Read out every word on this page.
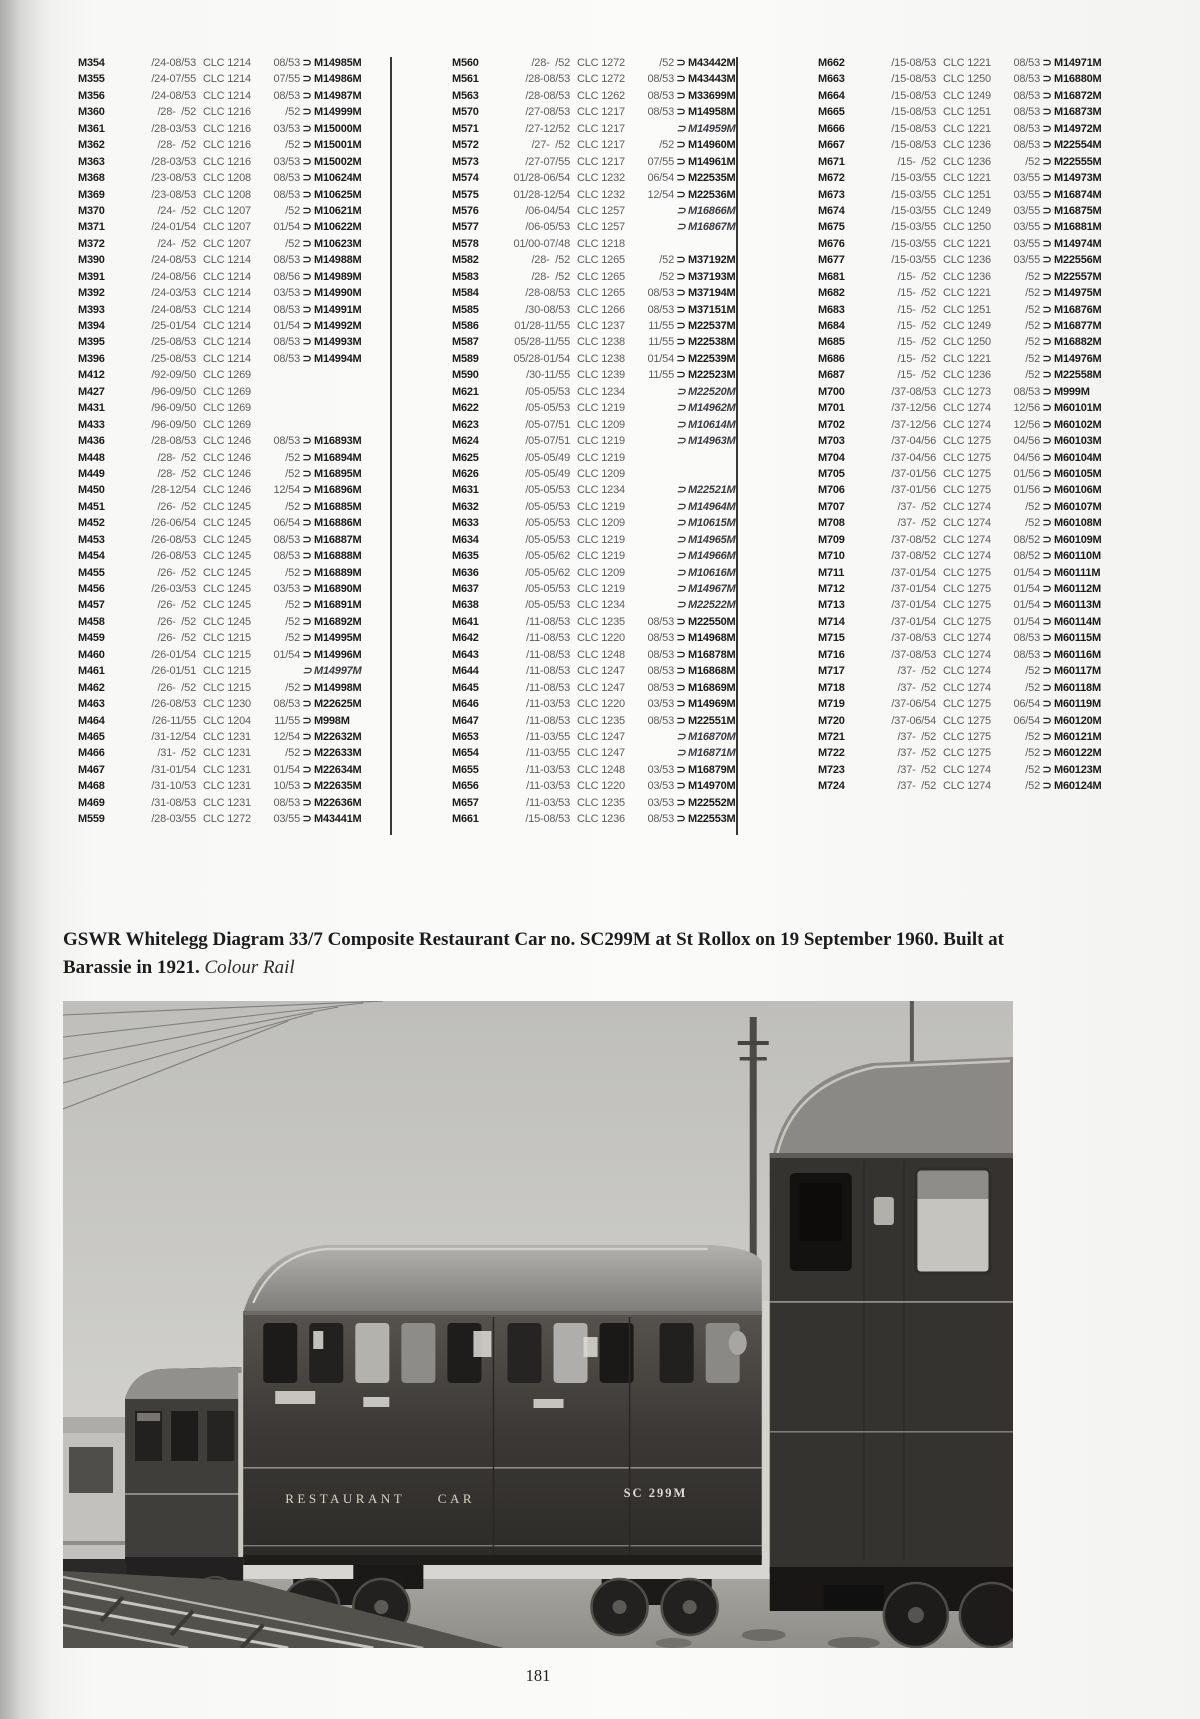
M354	/24-08/53 CLC 1214	08/53 ⊃ M14985M
M355	/24-07/55 CLC 1214	07/55 ⊃ M14986M
M356	/24-08/53 CLC 1214	08/53 ⊃ M14987M
M360	/28-  /52 CLC 1216	/52 ⊃ M14999M
M361	/28-03/53 CLC 1216	03/53 ⊃ M15000M
M362	/28-  /52 CLC 1216	/52 ⊃ M15001M
M363	/28-03/53 CLC 1216	03/53 ⊃ M15002M
M368	/23-08/53 CLC 1208	08/53 ⊃ M10624M
M369	/23-08/53 CLC 1208	08/53 ⊃ M10625M
M370	/24-  /52 CLC 1207	/52 ⊃ M10621M
M371	/24-01/54 CLC 1207	01/54 ⊃ M10622M
M372	/24-  /52 CLC 1207	/52 ⊃ M10623M
M390	/24-08/53 CLC 1214	08/53 ⊃ M14988M
M391	/24-08/56 CLC 1214	08/56 ⊃ M14989M
M392	/24-03/53 CLC 1214	03/53 ⊃ M14990M
M393	/24-08/53 CLC 1214	08/53 ⊃ M14991M
M394	/25-01/54 CLC 1214	01/54 ⊃ M14992M
M395	/25-08/53 CLC 1214	08/53 ⊃ M14993M
M396	/25-08/53 CLC 1214	08/53 ⊃ M14994M
M412	/92-09/50 CLC 1269
M427	/96-09/50 CLC 1269
M431	/96-09/50 CLC 1269
M433	/96-09/50 CLC 1269
M436	/28-08/53 CLC 1246	08/53 ⊃ M16893M
M448	/28-  /52 CLC 1246	/52 ⊃ M16894M
M449	/28-  /52 CLC 1246	/52 ⊃ M16895M
M450	/28-12/54 CLC 1246	12/54 ⊃ M16896M
M451	/26-  /52 CLC 1245	/52 ⊃ M16885M
M452	/26-06/54 CLC 1245	06/54 ⊃ M16886M
M453	/26-08/53 CLC 1245	08/53 ⊃ M16887M
M454	/26-08/53 CLC 1245	08/53 ⊃ M16888M
M455	/26-  /52 CLC 1245	/52 ⊃ M16889M
M456	/26-03/53 CLC 1245	03/53 ⊃ M16890M
M457	/26-  /52 CLC 1245	/52 ⊃ M16891M
M458	/26-  /52 CLC 1245	/52 ⊃ M16892M
M459	/26-  /52 CLC 1215	/52 ⊃ M14995M
M460	/26-01/54 CLC 1215	01/54 ⊃ M14996M
M461	/26-01/51 CLC 1215	⊃ M14997M
M462	/26-  /52 CLC 1215	/52 ⊃ M14998M
M463	/26-08/53 CLC 1230	08/53 ⊃ M22625M
M464	/26-11/55 CLC 1204	11/55 ⊃ M998M
M465	/31-12/54 CLC 1231	12/54 ⊃ M22632M
M466	/31-  /52 CLC 1231	/52 ⊃ M22633M
M467	/31-01/54 CLC 1231	01/54 ⊃ M22634M
M468	/31-10/53 CLC 1231	10/53 ⊃ M22635M
M469	/31-08/53 CLC 1231	08/53 ⊃ M22636M
M559	/28-03/55 CLC 1272	03/55 ⊃ M43441M
M560	/28-  /52 CLC 1272	/52 ⊃ M43442M
M561	/28-08/53 CLC 1272	08/53 ⊃ M43443M
M563	/28-08/53 CLC 1262	08/53 ⊃ M33699M
M570	/27-08/53 CLC 1217	08/53 ⊃ M14958M
M571	/27-12/52 CLC 1217	⊃ M14959M
M572	/27-  /52 CLC 1217	/52 ⊃ M14960M
M573	/27-07/55 CLC 1217	07/55 ⊃ M14961M
M574	01/28-06/54 CLC 1232	06/54 ⊃ M22535M
M575	01/28-12/54 CLC 1232	12/54 ⊃ M22536M
M576	/06-04/54 CLC 1257	⊃ M16866M
M577	/06-05/53 CLC 1257	⊃ M16867M
M578	01/00-07/48 CLC 1218
M582	/28-  /52 CLC 1265	/52 ⊃ M37192M
M583	/28-  /52 CLC 1265	/52 ⊃ M37193M
M584	/28-08/53 CLC 1265	08/53 ⊃ M37194M
M585	/30-08/53 CLC 1266	08/53 ⊃ M37151M
M586	01/28-11/55 CLC 1237	11/55 ⊃ M22537M
M587	05/28-11/55 CLC 1238	11/55 ⊃ M22538M
M589	05/28-01/54 CLC 1238	01/54 ⊃ M22539M
M590	/30-11/55 CLC 1239	11/55 ⊃ M22523M
M621	/05-05/53 CLC 1234	⊃ M22520M
M622	/05-05/53 CLC 1219	⊃ M14962M
M623	/05-07/51 CLC 1209	⊃ M10614M
M624	/05-07/51 CLC 1219	⊃ M14963M
M625	/05-05/49 CLC 1219
M626	/05-05/49 CLC 1209
M631	/05-05/53 CLC 1234	⊃ M22521M
M632	/05-05/53 CLC 1219	⊃ M14964M
M633	/05-05/53 CLC 1209	⊃ M10615M
M634	/05-05/53 CLC 1219	⊃ M14965M
M635	/05-05/62 CLC 1219	⊃ M14966M
M636	/05-05/62 CLC 1209	⊃ M10616M
M637	/05-05/53 CLC 1219	⊃ M14967M
M638	/05-05/53 CLC 1234	⊃ M22522M
M641	/11-08/53 CLC 1235	08/53 ⊃ M22550M
M642	/11-08/53 CLC 1220	08/53 ⊃ M14968M
M643	/11-08/53 CLC 1248	08/53 ⊃ M16878M
M644	/11-08/53 CLC 1247	08/53 ⊃ M16868M
M645	/11-08/53 CLC 1247	08/53 ⊃ M16869M
M646	/11-03/53 CLC 1220	03/53 ⊃ M14969M
M647	/11-08/53 CLC 1235	08/53 ⊃ M22551M
M653	/11-03/55 CLC 1247	⊃ M16870M
M654	/11-03/55 CLC 1247	⊃ M16871M
M655	/11-03/53 CLC 1248	03/53 ⊃ M16879M
M656	/11-03/53 CLC 1220	03/53 ⊃ M14970M
M657	/11-03/53 CLC 1235	03/53 ⊃ M22552M
M661	/15-08/53 CLC 1236	08/53 ⊃ M22553M
M662	/15-08/53 CLC 1221	08/53 ⊃ M14971M
M663	/15-08/53 CLC 1250	08/53 ⊃ M16880M
M664	/15-08/53 CLC 1249	08/53 ⊃ M16872M
M665	/15-08/53 CLC 1251	08/53 ⊃ M16873M
M666	/15-08/53 CLC 1221	08/53 ⊃ M14972M
M667	/15-08/53 CLC 1236	08/53 ⊃ M22554M
M671	/15-  /52 CLC 1236	/52 ⊃ M22555M
M672	/15-03/55 CLC 1221	03/55 ⊃ M14973M
M673	/15-03/55 CLC 1251	03/55 ⊃ M16874M
M674	/15-03/55 CLC 1249	03/55 ⊃ M16875M
M675	/15-03/55 CLC 1250	03/55 ⊃ M16881M
M676	/15-03/55 CLC 1221	03/55 ⊃ M14974M
M677	/15-03/55 CLC 1236	03/55 ⊃ M22556M
M681	/15-  /52 CLC 1236	/52 ⊃ M22557M
M682	/15-  /52 CLC 1221	/52 ⊃ M14975M
M683	/15-  /52 CLC 1251	/52 ⊃ M16876M
M684	/15-  /52 CLC 1249	/52 ⊃ M16877M
M685	/15-  /52 CLC 1250	/52 ⊃ M16882M
M686	/15-  /52 CLC 1221	/52 ⊃ M14976M
M687	/15-  /52 CLC 1236	/52 ⊃ M22558M
M700	/37-08/53 CLC 1273	08/53 ⊃ M999M
M701	/37-12/56 CLC 1274	12/56 ⊃ M60101M
M702	/37-12/56 CLC 1274	12/56 ⊃ M60102M
M703	/37-04/56 CLC 1275	04/56 ⊃ M60103M
M704	/37-04/56 CLC 1275	04/56 ⊃ M60104M
M705	/37-01/56 CLC 1275	01/56 ⊃ M60105M
M706	/37-01/56 CLC 1275	01/56 ⊃ M60106M
M707	/37-  /52 CLC 1274	/52 ⊃ M60107M
M708	/37-  /52 CLC 1274	/52 ⊃ M60108M
M709	/37-08/52 CLC 1274	08/52 ⊃ M60109M
M710	/37-08/52 CLC 1274	08/52 ⊃ M60110M
M711	/37-01/54 CLC 1275	01/54 ⊃ M60111M
M712	/37-01/54 CLC 1275	01/54 ⊃ M60112M
M713	/37-01/54 CLC 1275	01/54 ⊃ M60113M
M714	/37-01/54 CLC 1275	01/54 ⊃ M60114M
M715	/37-08/53 CLC 1274	08/53 ⊃ M60115M
M716	/37-08/53 CLC 1274	08/53 ⊃ M60116M
M717	/37-  /52 CLC 1274	/52 ⊃ M60117M
M718	/37-  /52 CLC 1274	/52 ⊃ M60118M
M719	/37-06/54 CLC 1275	06/54 ⊃ M60119M
M720	/37-06/54 CLC 1275	06/54 ⊃ M60120M
M721	/37-  /52 CLC 1275	/52 ⊃ M60121M
M722	/37-  /52 CLC 1275	/52 ⊃ M60122M
M723	/37-  /52 CLC 1274	/52 ⊃ M60123M
M724	/37-  /52 CLC 1274	/52 ⊃ M60124M
GSWR Whitelegg Diagram 33/7 Composite Restaurant Car no. SC299M at St Rollox on 19 September 1960. Built at Barassie in 1921. Colour Rail
RESTAURANT CAR	SC 299M
181
